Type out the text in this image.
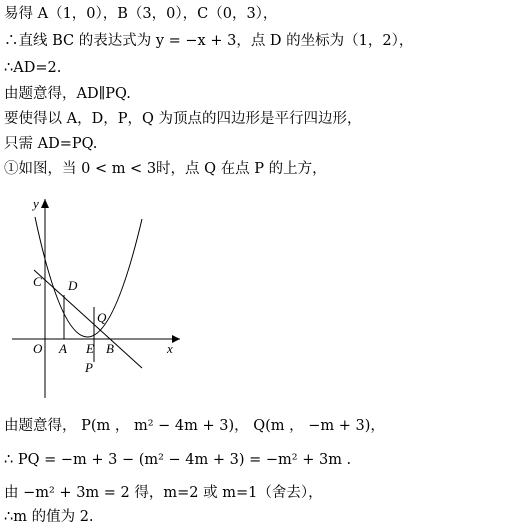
易得 A（1，0），B（3，0），C（0，3），
∴直线 BC 的表达式为 y = −x + 3，点 D 的坐标为（1，2），
∴AD=2.
由题意得，AD∥PQ.
要使得以 A，D，P，Q 为顶点的四边形是平行四边形，
只需 AD=PQ.
①如图，当 0 < m < 3时，点 Q 在点 P 的上方，
y
x
O A E B
C D
P
Q
由题意得， P(m ， m² − 4m + 3)， Q(m ， −m + 3)，
∴ PQ = −m + 3 − (m² − 4m + 3) = −m² + 3m .
由 −m² + 3m = 2 得，m=2 或 m=1（舍去），
∴m 的值为 2.
